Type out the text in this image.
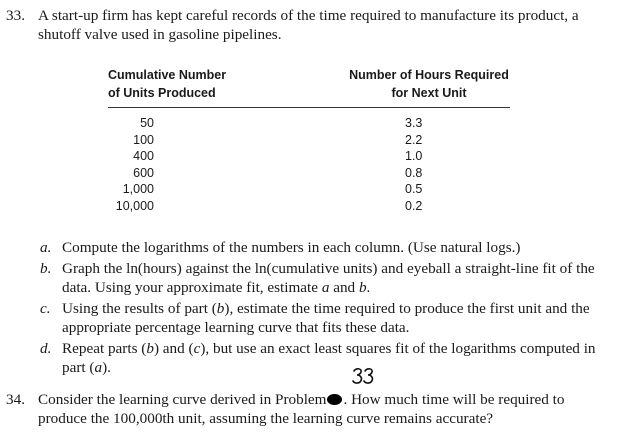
33. A start-up firm has kept careful records of the time required to manufacture its product, a shutoff valve used in gasoline pipelines.
Cumulative Number
of Units Produced
Number of Hours Required
for Next Unit
50
100
400
600
1,000
10,000
3.3
2.2
1.0
0.8
0.5
0.2
a. Compute the logarithms of the numbers in each column. (Use natural logs.)
b. Graph the ln(hours) against the ln(cumulative units) and eyeball a straight-line fit of the data. Using your approximate fit, estimate a and b.
c. Using the results of part (b), estimate the time required to produce the first unit and the appropriate percentage learning curve that fits these data.
d. Repeat parts (b) and (c), but use an exact least squares fit of the logarithms computed in part (a).
34. Consider the learning curve derived in Problem . How much time will be required to produce the 100,000th unit, assuming the learning curve remains accurate?
